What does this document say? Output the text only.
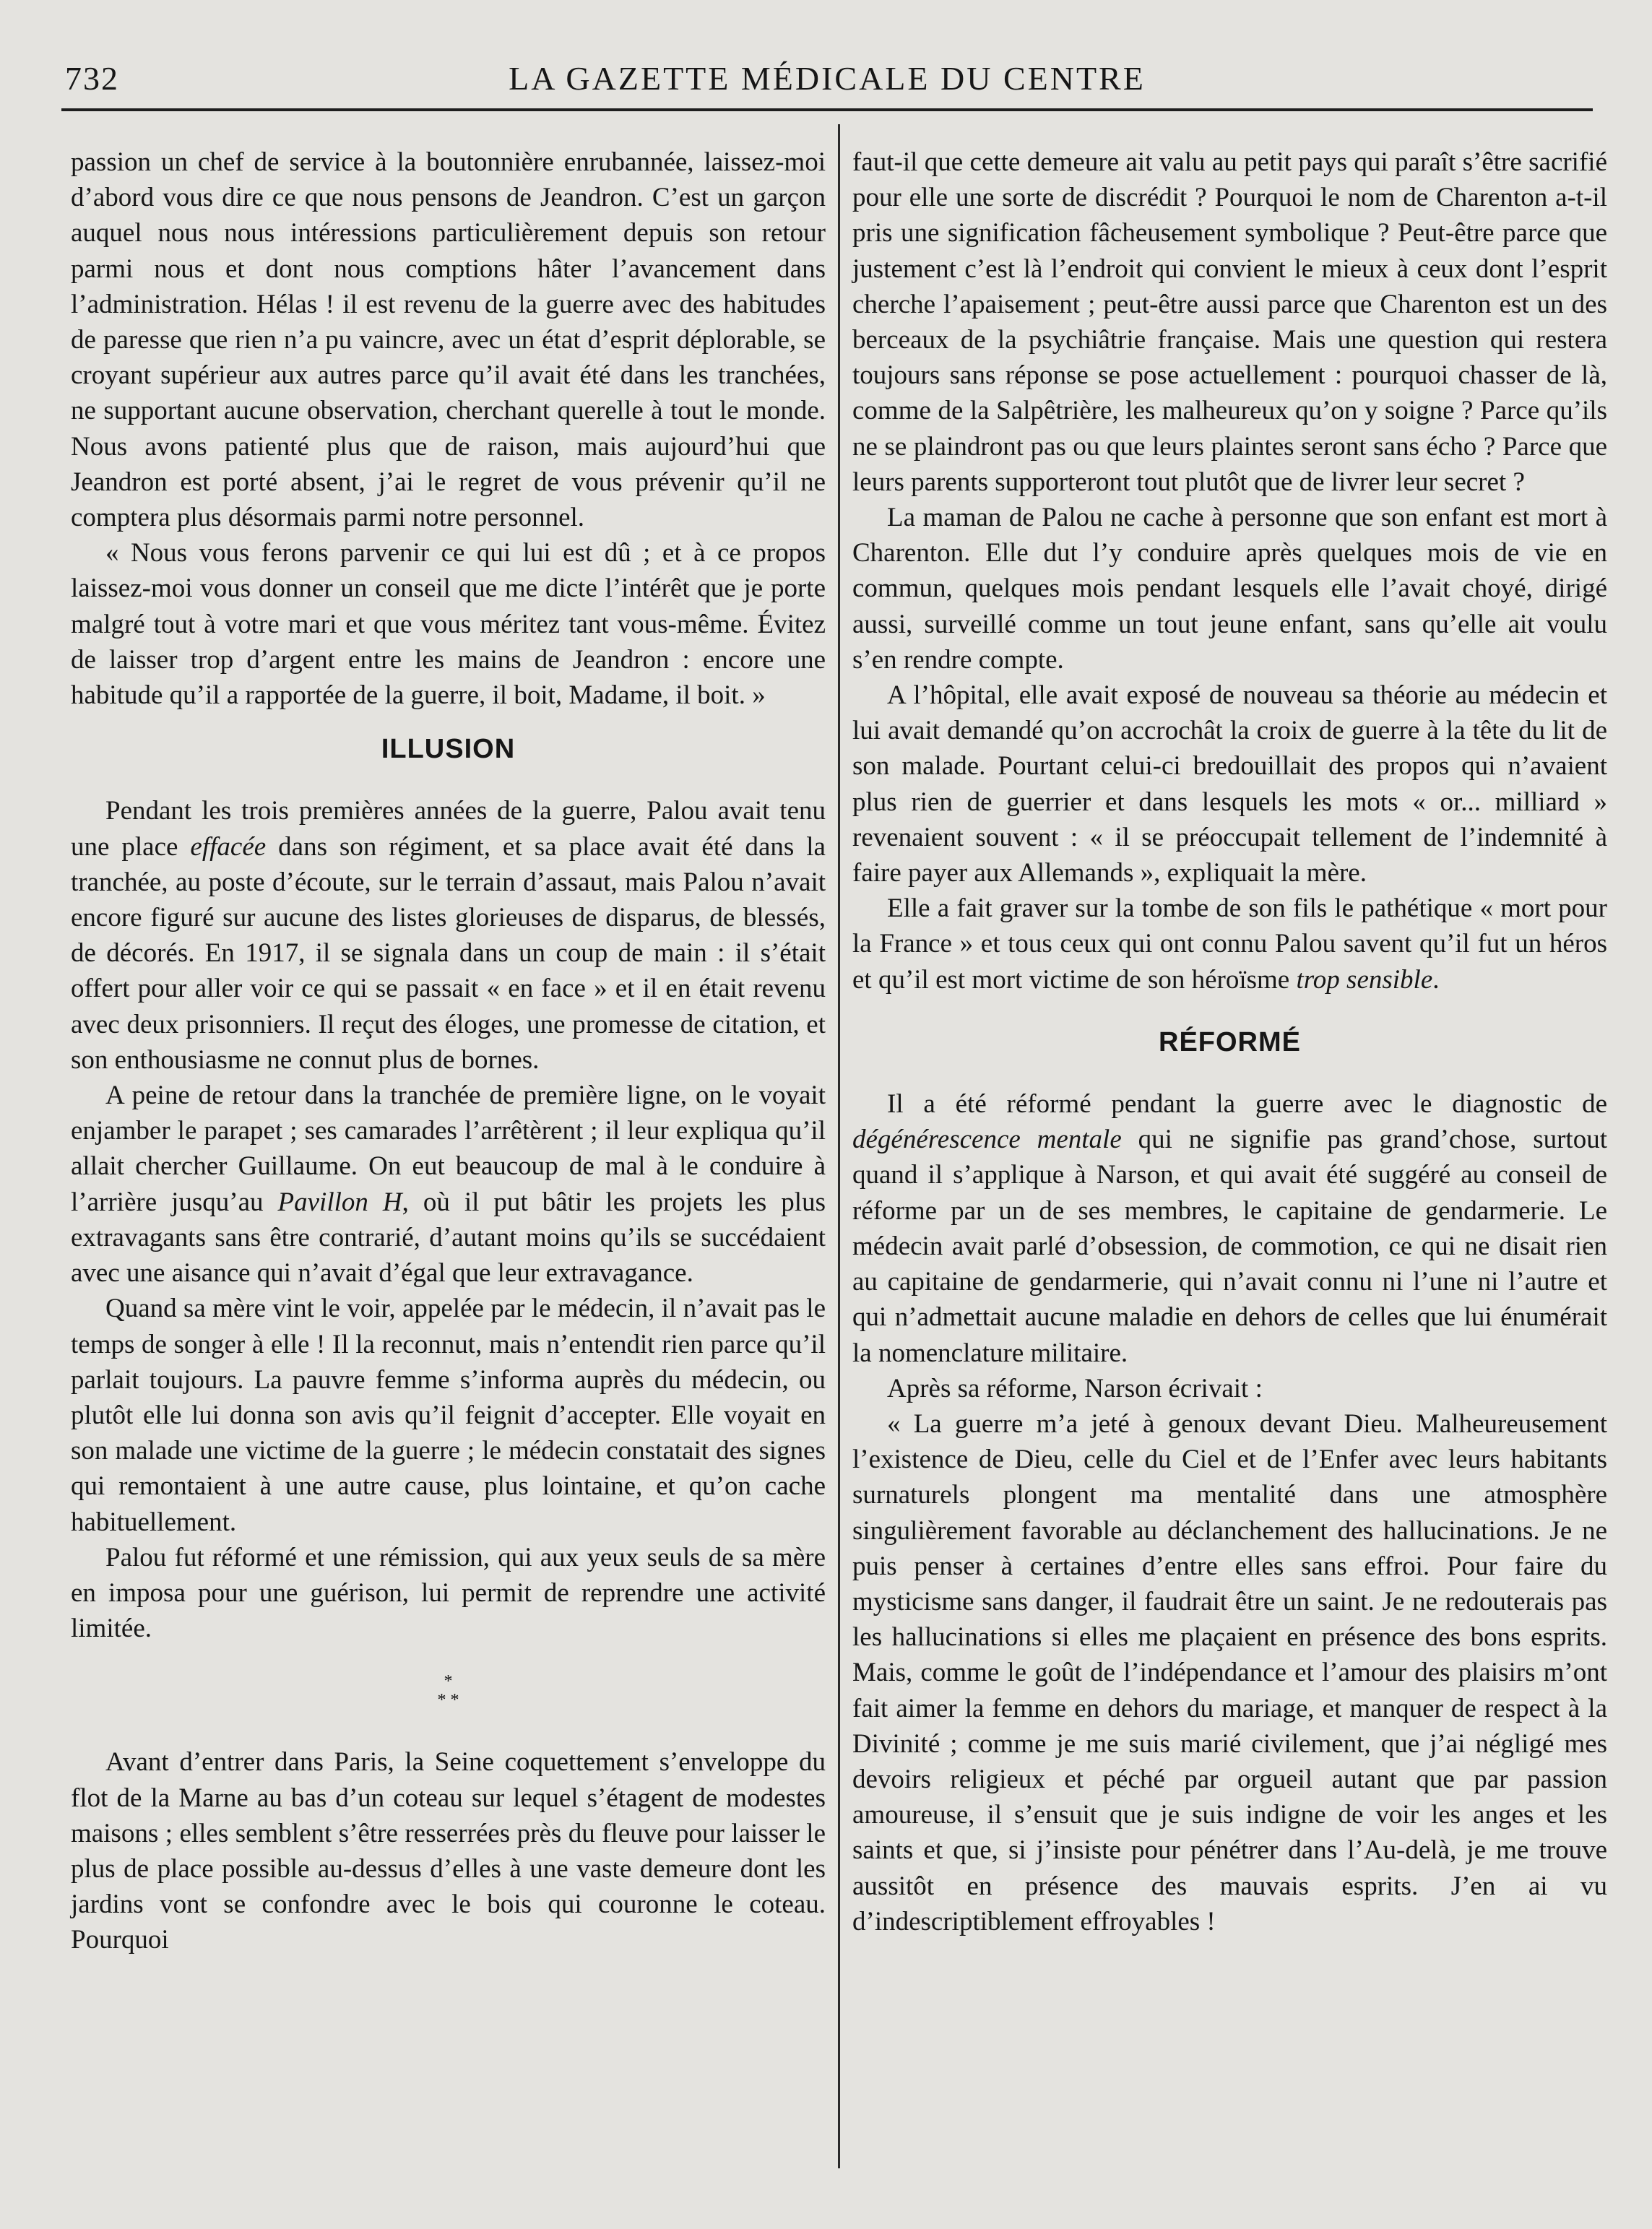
732	LA GAZETTE MÉDICALE DU CENTRE

passion un chef de service à la boutonnière enrubannée, laissez-moi d’abord vous dire ce que nous pensons de Jeandron. C’est un garçon auquel nous nous intéressions particulièrement depuis son retour parmi nous et dont nous comptions hâter l’avancement dans l’administration. Hélas ! il est revenu de la guerre avec des habitudes de paresse que rien n’a pu vaincre, avec un état d’esprit déplorable, se croyant supérieur aux autres parce qu’il avait été dans les tranchées, ne supportant aucune observation, cherchant querelle à tout le monde. Nous avons patienté plus que de raison, mais aujourd’hui que Jeandron est porté absent, j’ai le regret de vous prévenir qu’il ne comptera plus désormais parmi notre personnel.

« Nous vous ferons parvenir ce qui lui est dû ; et à ce propos laissez-moi vous donner un conseil que me dicte l’intérêt que je porte malgré tout à votre mari et que vous méritez tant vous-même. Évitez de laisser trop d’argent entre les mains de Jeandron : encore une habitude qu’il a rapportée de la guerre, il boit, Madame, il boit. »

ILLUSION

Pendant les trois premières années de la guerre, Palou avait tenu une place effacée dans son régiment, et sa place avait été dans la tranchée, au poste d’écoute, sur le terrain d’assaut, mais Palou n’avait encore figuré sur aucune des listes glorieuses de disparus, de blessés, de décorés. En 1917, il se signala dans un coup de main : il s’était offert pour aller voir ce qui se passait « en face » et il en était revenu avec deux prisonniers. Il reçut des éloges, une promesse de citation, et son enthousiasme ne connut plus de bornes.

A peine de retour dans la tranchée de première ligne, on le voyait enjamber le parapet ; ses camarades l’arrêtèrent ; il leur expliqua qu’il allait chercher Guillaume. On eut beaucoup de mal à le conduire à l’arrière jusqu’au Pavillon H, où il put bâtir les projets les plus extravagants sans être contrarié, d’autant moins qu’ils se succédaient avec une aisance qui n’avait d’égal que leur extravagance.

Quand sa mère vint le voir, appelée par le médecin, il n’avait pas le temps de songer à elle ! Il la reconnut, mais n’entendit rien parce qu’il parlait toujours. La pauvre femme s’informa auprès du médecin, ou plutôt elle lui donna son avis qu’il feignit d’accepter. Elle voyait en son malade une victime de la guerre ; le médecin constatait des signes qui remontaient à une autre cause, plus lointaine, et qu’on cache habituellement.

Palou fut réformé et une rémission, qui aux yeux seuls de sa mère en imposa pour une guérison, lui permit de reprendre une activité limitée.

*
* *

Avant d’entrer dans Paris, la Seine coquettement s’enveloppe du flot de la Marne au bas d’un coteau sur lequel s’étagent de modestes maisons ; elles semblent s’être resserrées près du fleuve pour laisser le plus de place possible au-dessus d’elles à une vaste demeure dont les jardins vont se confondre avec le bois qui couronne le coteau. Pourquoi

faut-il que cette demeure ait valu au petit pays qui paraît s’être sacrifié pour elle une sorte de discrédit ? Pourquoi le nom de Charenton a-t-il pris une signification fâcheusement symbolique ? Peut-être parce que justement c’est là l’endroit qui convient le mieux à ceux dont l’esprit cherche l’apaisement ; peut-être aussi parce que Charenton est un des berceaux de la psychiâtrie française. Mais une question qui restera toujours sans réponse se pose actuellement : pourquoi chasser de là, comme de la Salpêtrière, les malheureux qu’on y soigne ? Parce qu’ils ne se plaindront pas ou que leurs plaintes seront sans écho ? Parce que leurs parents supporteront tout plutôt que de livrer leur secret ?

La maman de Palou ne cache à personne que son enfant est mort à Charenton. Elle dut l’y conduire après quelques mois de vie en commun, quelques mois pendant lesquels elle l’avait choyé, dirigé aussi, surveillé comme un tout jeune enfant, sans qu’elle ait voulu s’en rendre compte.

A l’hôpital, elle avait exposé de nouveau sa théorie au médecin et lui avait demandé qu’on accrochât la croix de guerre à la tête du lit de son malade. Pourtant celui-ci bredouillait des propos qui n’avaient plus rien de guerrier et dans lesquels les mots « or... milliard » revenaient souvent : « il se préoccupait tellement de l’indemnité à faire payer aux Allemands », expliquait la mère.

Elle a fait graver sur la tombe de son fils le pathétique « mort pour la France » et tous ceux qui ont connu Palou savent qu’il fut un héros et qu’il est mort victime de son héroïsme trop sensible.

RÉFORMÉ

Il a été réformé pendant la guerre avec le diagnostic de dégénérescence mentale qui ne signifie pas grand’chose, surtout quand il s’applique à Narson, et qui avait été suggéré au conseil de réforme par un de ses membres, le capitaine de gendarmerie. Le médecin avait parlé d’obsession, de commotion, ce qui ne disait rien au capitaine de gendarmerie, qui n’avait connu ni l’une ni l’autre et qui n’admettait aucune maladie en dehors de celles que lui énumérait la nomenclature militaire.

Après sa réforme, Narson écrivait :

« La guerre m’a jeté à genoux devant Dieu. Malheureusement l’existence de Dieu, celle du Ciel et de l’Enfer avec leurs habitants surnaturels plongent ma mentalité dans une atmosphère singulièrement favorable au déclanchement des hallucinations. Je ne puis penser à certaines d’entre elles sans effroi. Pour faire du mysticisme sans danger, il faudrait être un saint. Je ne redouterais pas les hallucinations si elles me plaçaient en présence des bons esprits. Mais, comme le goût de l’indépendance et l’amour des plaisirs m’ont fait aimer la femme en dehors du mariage, et manquer de respect à la Divinité ; comme je me suis marié civilement, que j’ai négligé mes devoirs religieux et péché par orgueil autant que par passion amoureuse, il s’ensuit que je suis indigne de voir les anges et les saints et que, si j’insiste pour pénétrer dans l’Au-delà, je me trouve aussitôt en présence des mauvais esprits. J’en ai vu d’indescriptiblement effroyables !
